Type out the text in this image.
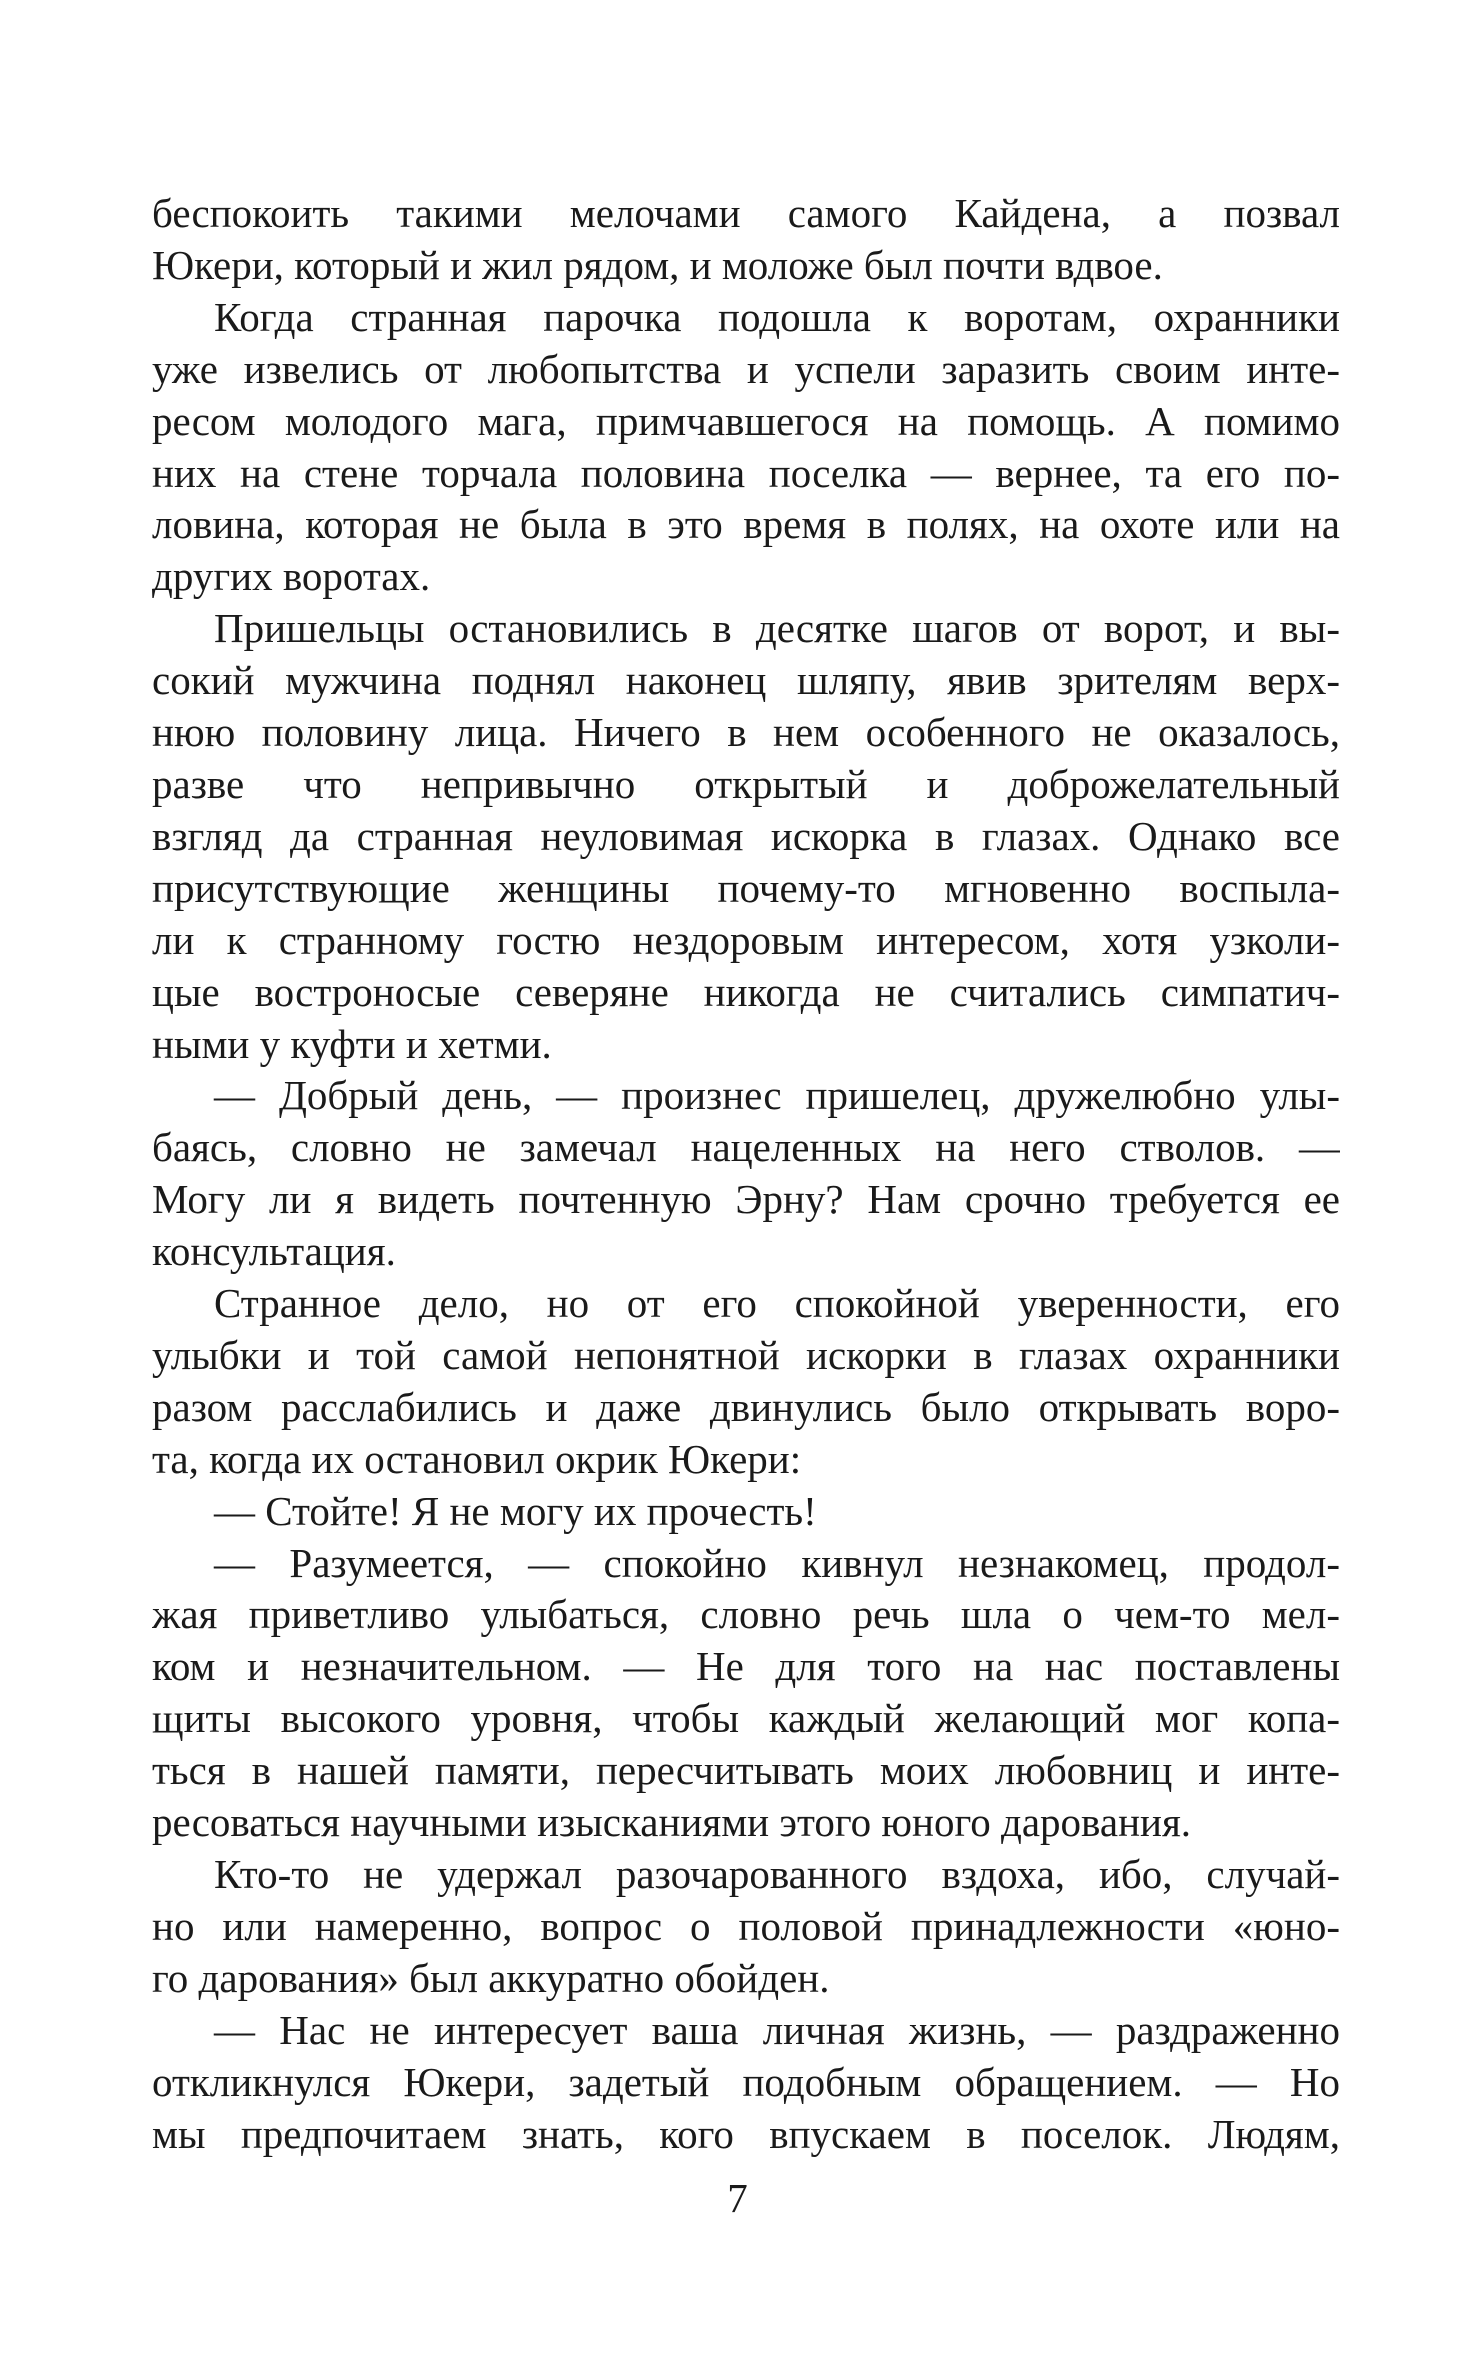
беспокоить такими мелочами самого Кайдена, а позвал

Юкери, который и жил рядом, и моложе был почти вдвое.

Когда странная парочка подошла к воротам, охранники

уже извелись от любопытства и успели заразить своим инте-

ресом молодого мага, примчавшегося на помощь. А помимо

них на стене торчала половина поселка — вернее, та его по-

ловина, которая не была в это время в полях, на охоте или на

других воротах.

Пришельцы остановились в десятке шагов от ворот, и вы-

сокий мужчина поднял наконец шляпу, явив зрителям верх-

нюю половину лица. Ничего в нем особенного не оказалось,

разве что непривычно открытый и доброжелательный

взгляд да странная неуловимая искорка в глазах. Однако все

присутствующие женщины почему-то мгновенно воспыла-

ли к странному гостю нездоровым интересом, хотя узколи-

цые востроносые северяне никогда не считались симпатич-

ными у куфти и хетми.

— Добрый день, — произнес пришелец, дружелюбно улы-

баясь, словно не замечал нацеленных на него стволов. —

Могу ли я видеть почтенную Эрну? Нам срочно требуется ее

консультация.

Странное дело, но от его спокойной уверенности, его

улыбки и той самой непонятной искорки в глазах охранники

разом расслабились и даже двинулись было открывать воро-

та, когда их остановил окрик Юкери:

— Стойте! Я не могу их прочесть!

— Разумеется, — спокойно кивнул незнакомец, продол-

жая приветливо улыбаться, словно речь шла о чем-то мел-

ком и незначительном. — Не для того на нас поставлены

щиты высокого уровня, чтобы каждый желающий мог копа-

ться в нашей памяти, пересчитывать моих любовниц и инте-

ресоваться научными изысканиями этого юного дарования.

Кто-то не удержал разочарованного вздоха, ибо, случай-

но или намеренно, вопрос о половой принадлежности «юно-

го дарования» был аккуратно обойден.

— Нас не интересует ваша личная жизнь, — раздраженно

откликнулся Юкери, задетый подобным обращением. — Но

мы предпочитаем знать, кого впускаем в поселок. Людям,

7
